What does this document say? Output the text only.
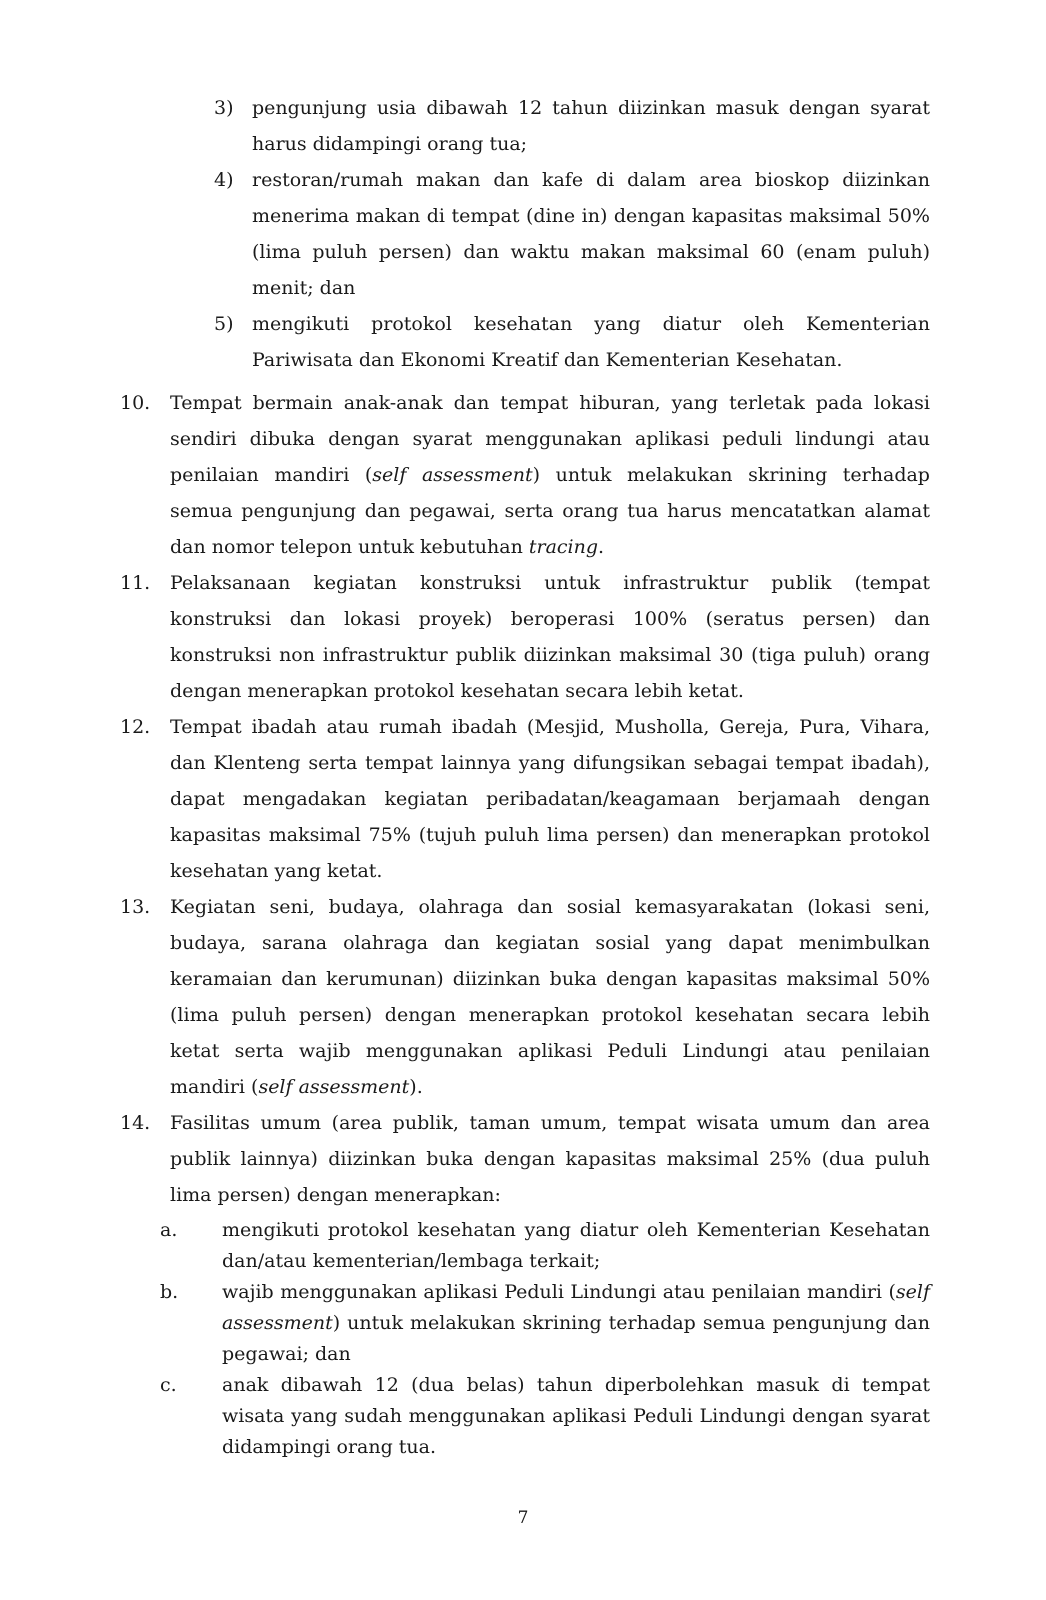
3) pengunjung usia dibawah 12 tahun diizinkan masuk dengan syarat harus didampingi orang tua;
4) restoran/rumah makan dan kafe di dalam area bioskop diizinkan menerima makan di tempat (dine in) dengan kapasitas maksimal 50% (lima puluh persen) dan waktu makan maksimal 60 (enam puluh) menit; dan
5) mengikuti protokol kesehatan yang diatur oleh Kementerian Pariwisata dan Ekonomi Kreatif dan Kementerian Kesehatan.
10.	Tempat bermain anak-anak dan tempat hiburan, yang terletak pada lokasi sendiri dibuka dengan syarat menggunakan aplikasi peduli lindungi atau penilaian mandiri (self assessment) untuk melakukan skrining terhadap semua pengunjung dan pegawai, serta orang tua harus mencatatkan alamat dan nomor telepon untuk kebutuhan tracing.
11.	Pelaksanaan kegiatan konstruksi untuk infrastruktur publik (tempat konstruksi dan lokasi proyek) beroperasi 100% (seratus persen) dan konstruksi non infrastruktur publik diizinkan maksimal 30 (tiga puluh) orang dengan menerapkan protokol kesehatan secara lebih ketat.
12.	Tempat ibadah atau rumah ibadah (Mesjid, Musholla, Gereja, Pura, Vihara, dan Klenteng serta tempat lainnya yang difungsikan sebagai tempat ibadah), dapat mengadakan kegiatan peribadatan/keagamaan berjamaah dengan kapasitas maksimal 75% (tujuh puluh lima persen) dan menerapkan protokol kesehatan yang ketat.
13.	Kegiatan seni, budaya, olahraga dan sosial kemasyarakatan (lokasi seni, budaya, sarana olahraga dan kegiatan sosial yang dapat menimbulkan keramaian dan kerumunan) diizinkan buka dengan kapasitas maksimal 50% (lima puluh persen) dengan menerapkan protokol kesehatan secara lebih ketat serta wajib menggunakan aplikasi Peduli Lindungi atau penilaian mandiri (self assessment).
14.	Fasilitas umum (area publik, taman umum, tempat wisata umum dan area publik lainnya) diizinkan buka dengan kapasitas maksimal 25% (dua puluh lima persen) dengan menerapkan:
a.	mengikuti protokol kesehatan yang diatur oleh Kementerian Kesehatan dan/atau kementerian/lembaga terkait;
b.	wajib menggunakan aplikasi Peduli Lindungi atau penilaian mandiri (self assessment) untuk melakukan skrining terhadap semua pengunjung dan pegawai; dan
c.	anak dibawah 12 (dua belas) tahun diperbolehkan masuk di tempat wisata yang sudah menggunakan aplikasi Peduli Lindungi dengan syarat didampingi orang tua.
7
